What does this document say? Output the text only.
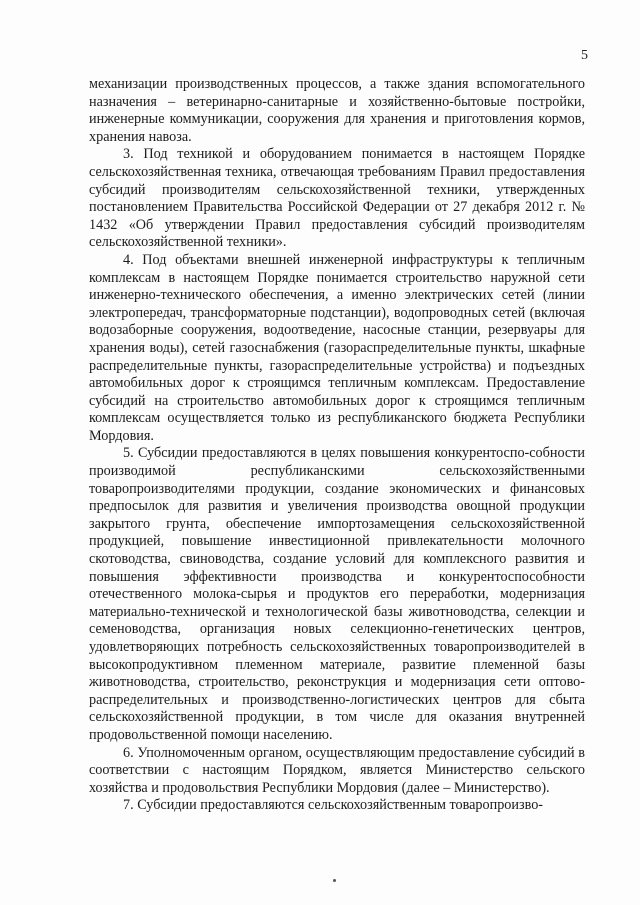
5

механизации производственных процессов, а также здания вспомогательного назначения – ветеринарно-санитарные и хозяйственно-бытовые постройки, инженерные коммуникации, сооружения для хранения и приготовления кормов, хранения навоза.

3. Под техникой и оборудованием понимается в настоящем Порядке сельскохозяйственная техника, отвечающая требованиям Правил предоставления субсидий производителям сельскохозяйственной техники, утвержденных постановлением Правительства Российской Федерации от 27 декабря 2012 г. № 1432 «Об утверждении Правил предоставления субсидий производителям сельскохозяйственной техники».

4. Под объектами внешней инженерной инфраструктуры к тепличным комплексам в настоящем Порядке понимается строительство наружной сети инженерно-технического обеспечения, а именно электрических сетей (линии электропередач, трансформаторные подстанции), водопроводных сетей (включая водозаборные сооружения, водоотведение, насосные станции, резервуары для хранения воды), сетей газоснабжения (газораспределительные пункты, шкафные распределительные пункты, газораспределительные устройства) и подъездных автомобильных дорог к строящимся тепличным комплексам. Предоставление субсидий на строительство автомобильных дорог к строящимся тепличным комплексам осуществляется только из республиканского бюджета Республики Мордовия.

5. Субсидии предоставляются в целях повышения конкурентоспо-собности производимой республиканскими сельскохозяйственными товаропроизводителями продукции, создание экономических и финансовых предпосылок для развития и увеличения производства овощной продукции закрытого грунта, обеспечение импортозамещения сельскохозяйственной продукцией, повышение инвестиционной привлекательности молочного скотоводства, свиноводства, создание условий для комплексного развития и повышения эффективности производства и конкурентоспособности отечественного молока-сырья и продуктов его переработки, модернизация материально-технической и технологической базы животноводства, селекции и семеноводства, организация новых селекционно-генетических центров, удовлетворяющих потребность сельскохозяйственных товаропроизводителей в высокопродуктивном племенном материале, развитие племенной базы животноводства, строительство, реконструкция и модернизация сети оптово-распределительных и производственно-логистических центров для сбыта сельскохозяйственной продукции, в том числе для оказания внутренней продовольственной помощи населению.

6. Уполномоченным органом, осуществляющим предоставление субсидий в соответствии с настоящим Порядком, является Министерство сельского хозяйства и продовольствия Республики Мордовия (далее – Министерство).

7. Субсидии предоставляются сельскохозяйственным товаропроизво-
